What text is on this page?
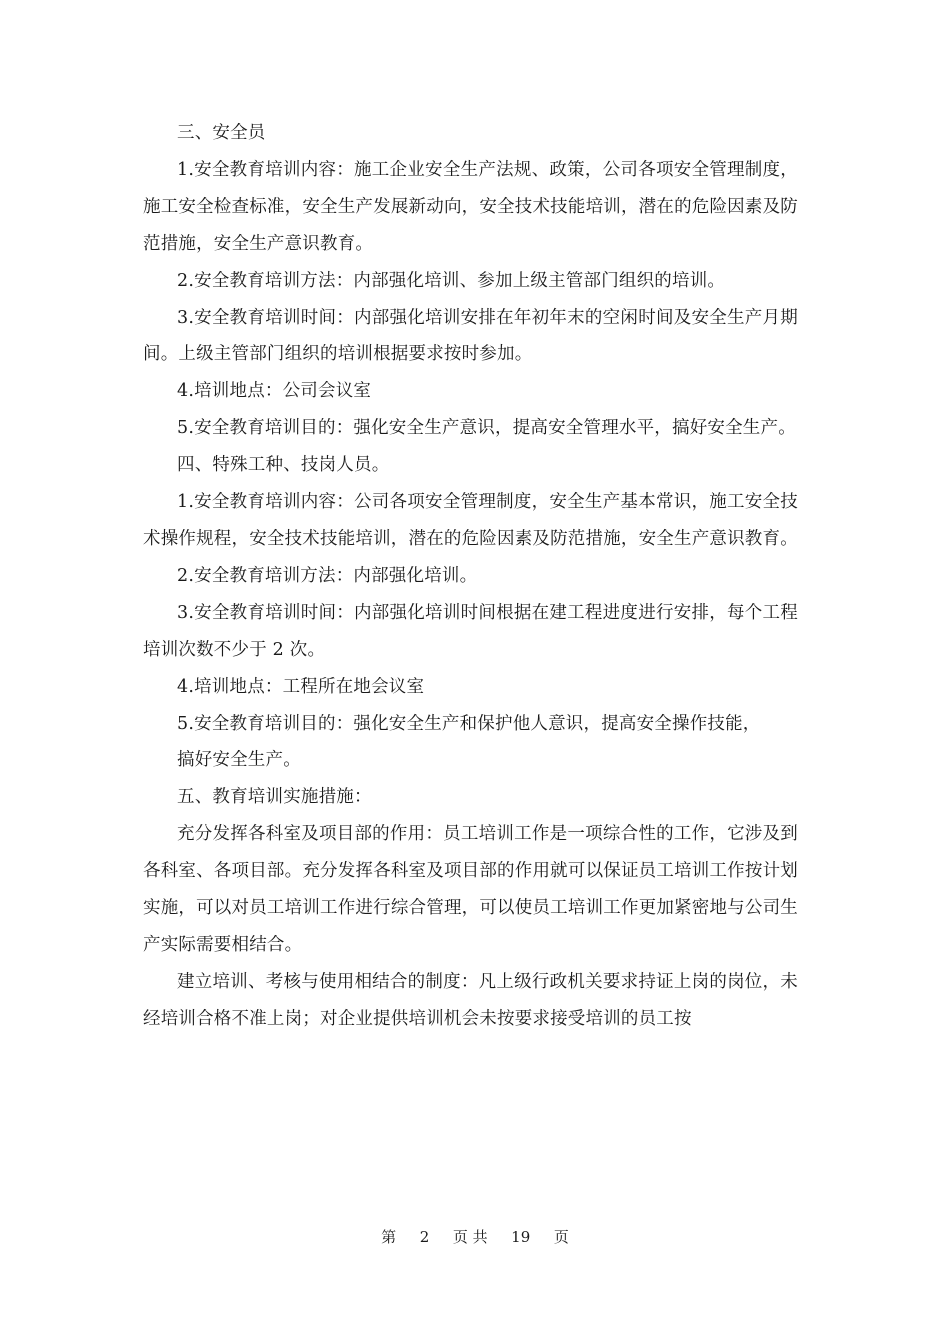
三、安全员

1.安全教育培训内容：施工企业安全生产法规、政策，公司各项安全管理制度，施工安全检查标准，安全生产发展新动向，安全技术技能培训，潜在的危险因素及防范措施，安全生产意识教育。

2.安全教育培训方法：内部强化培训、参加上级主管部门组织的培训。

3.安全教育培训时间：内部强化培训安排在年初年末的空闲时间及安全生产月期间。上级主管部门组织的培训根据要求按时参加。

4.培训地点：公司会议室

5.安全教育培训目的：强化安全生产意识，提高安全管理水平，搞好安全生产。

四、特殊工种、技岗人员。

1.安全教育培训内容：公司各项安全管理制度，安全生产基本常识，施工安全技术操作规程，安全技术技能培训，潜在的危险因素及防范措施，安全生产意识教育。

2.安全教育培训方法：内部强化培训。

3.安全教育培训时间：内部强化培训时间根据在建工程进度进行安排，每个工程培训次数不少于 2 次。

4.培训地点：工程所在地会议室

5.安全教育培训目的：强化安全生产和保护他人意识，提高安全操作技能，

搞好安全生产。

五、教育培训实施措施：

充分发挥各科室及项目部的作用：员工培训工作是一项综合性的工作，它涉及到各科室、各项目部。充分发挥各科室及项目部的作用就可以保证员工培训工作按计划实施，可以对员工培训工作进行综合管理，可以使员工培训工作更加紧密地与公司生产实际需要相结合。

建立培训、考核与使用相结合的制度：凡上级行政机关要求持证上岗的岗位，未经培训合格不准上岗；对企业提供培训机会未按要求接受培训的员工按

第 2 页 共 19 页
